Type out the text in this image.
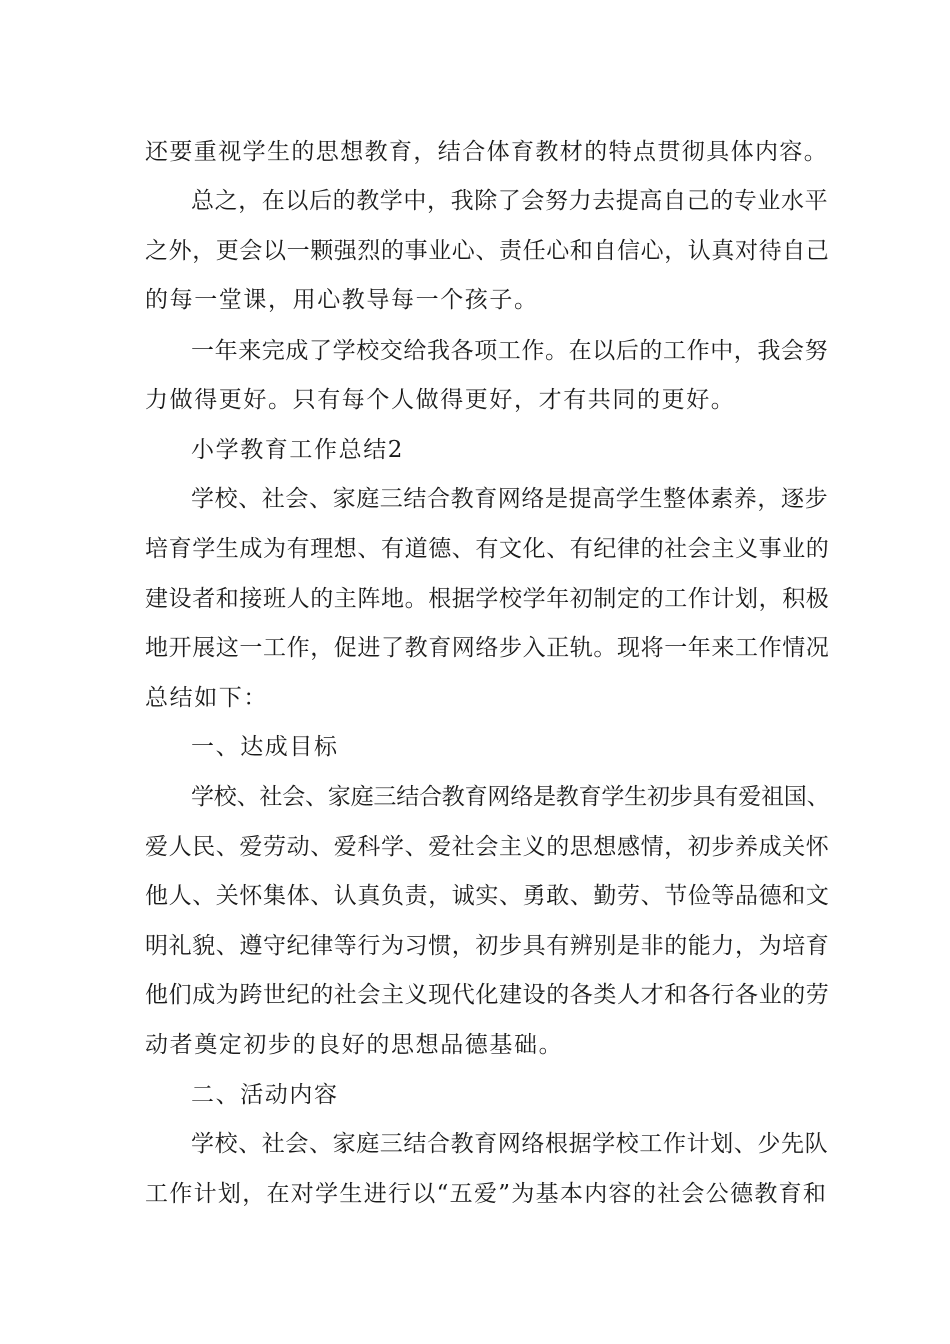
还要重视学生的思想教育，结合体育教材的特点贯彻具体内容。
总之，在以后的教学中，我除了会努力去提高自己的专业水平
之外，更会以一颗强烈的事业心、责任心和自信心，认真对待自己
的每一堂课，用心教导每一个孩子。
一年来完成了学校交给我各项工作。在以后的工作中，我会努
力做得更好。只有每个人做得更好，才有共同的更好。
小学教育工作总结2
学校、社会、家庭三结合教育网络是提高学生整体素养，逐步
培育学生成为有理想、有道德、有文化、有纪律的社会主义事业的
建设者和接班人的主阵地。根据学校学年初制定的工作计划，积极
地开展这一工作，促进了教育网络步入正轨。现将一年来工作情况
总结如下：
一、达成目标
学校、社会、家庭三结合教育网络是教育学生初步具有爱祖国、
爱人民、爱劳动、爱科学、爱社会主义的思想感情，初步养成关怀
他人、关怀集体、认真负责，诚实、勇敢、勤劳、节俭等品德和文
明礼貌、遵守纪律等行为习惯，初步具有辨别是非的能力，为培育
他们成为跨世纪的社会主义现代化建设的各类人才和各行各业的劳
动者奠定初步的良好的思想品德基础。
二、活动内容
学校、社会、家庭三结合教育网络根据学校工作计划、少先队
工作计划，在对学生进行以“五爱”为基本内容的社会公德教育和
